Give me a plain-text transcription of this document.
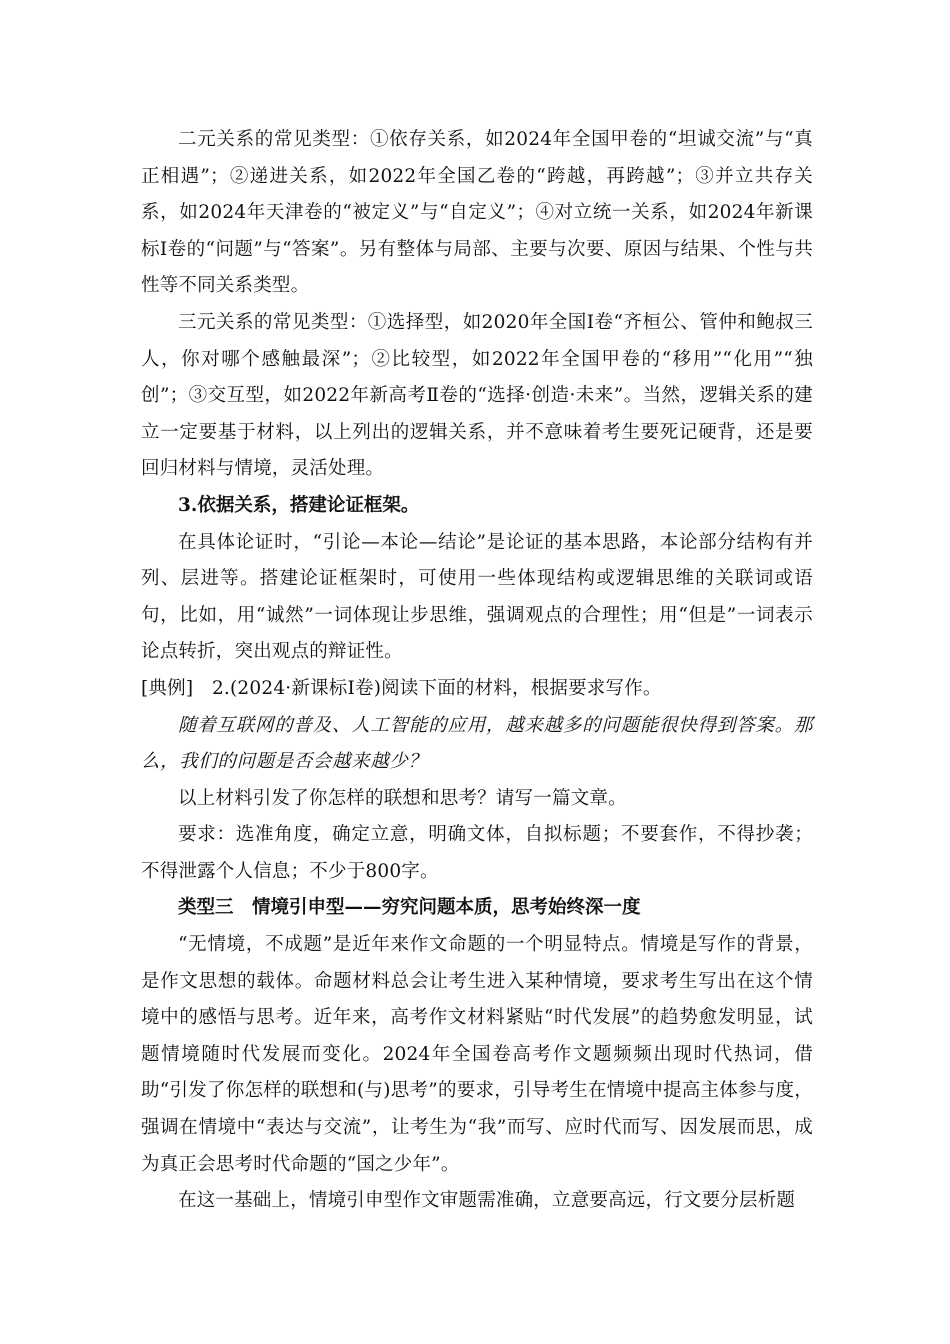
二元关系的常见类型：①依存关系，如2024年全国甲卷的“坦诚交流”与“真正相遇”；②递进关系，如2022年全国乙卷的“跨越，再跨越”；③并立共存关系，如2024年天津卷的“被定义”与“自定义”；④对立统一关系，如2024年新课标Ⅰ卷的“问题”与“答案”。另有整体与局部、主要与次要、原因与结果、个性与共性等不同关系类型。

三元关系的常见类型：①选择型，如2020年全国Ⅰ卷“齐桓公、管仲和鲍叔三人，你对哪个感触最深”；②比较型，如2022年全国甲卷的“移用”“化用”“独创”；③交互型，如2022年新高考Ⅱ卷的“选择·创造·未来”。当然，逻辑关系的建立一定要基于材料，以上列出的逻辑关系，并不意味着考生要死记硬背，还是要回归材料与情境，灵活处理。

3.依据关系，搭建论证框架。

在具体论证时，“引论—本论—结论”是论证的基本思路，本论部分结构有并列、层进等。搭建论证框架时，可使用一些体现结构或逻辑思维的关联词或语句，比如，用“诚然”一词体现让步思维，强调观点的合理性；用“但是”一词表示论点转折，突出观点的辩证性。

[典例]　2.(2024·新课标Ⅰ卷)阅读下面的材料，根据要求写作。

随着互联网的普及、人工智能的应用，越来越多的问题能很快得到答案。那么，我们的问题是否会越来越少？

以上材料引发了你怎样的联想和思考？请写一篇文章。

要求：选准角度，确定立意，明确文体，自拟标题；不要套作，不得抄袭；不得泄露个人信息；不少于800字。

类型三　情境引申型——穷究问题本质，思考始终深一度

“无情境，不成题”是近年来作文命题的一个明显特点。情境是写作的背景，是作文思想的载体。命题材料总会让考生进入某种情境，要求考生写出在这个情境中的感悟与思考。近年来，高考作文材料紧贴“时代发展”的趋势愈发明显，试题情境随时代发展而变化。2024年全国卷高考作文题频频出现时代热词，借助“引发了你怎样的联想和(与)思考”的要求，引导考生在情境中提高主体参与度，强调在情境中“表达与交流”，让考生为“我”而写、应时代而写、因发展而思，成为真正会思考时代命题的“国之少年”。

在这一基础上，情境引申型作文审题需准确，立意要高远，行文要分层析题
